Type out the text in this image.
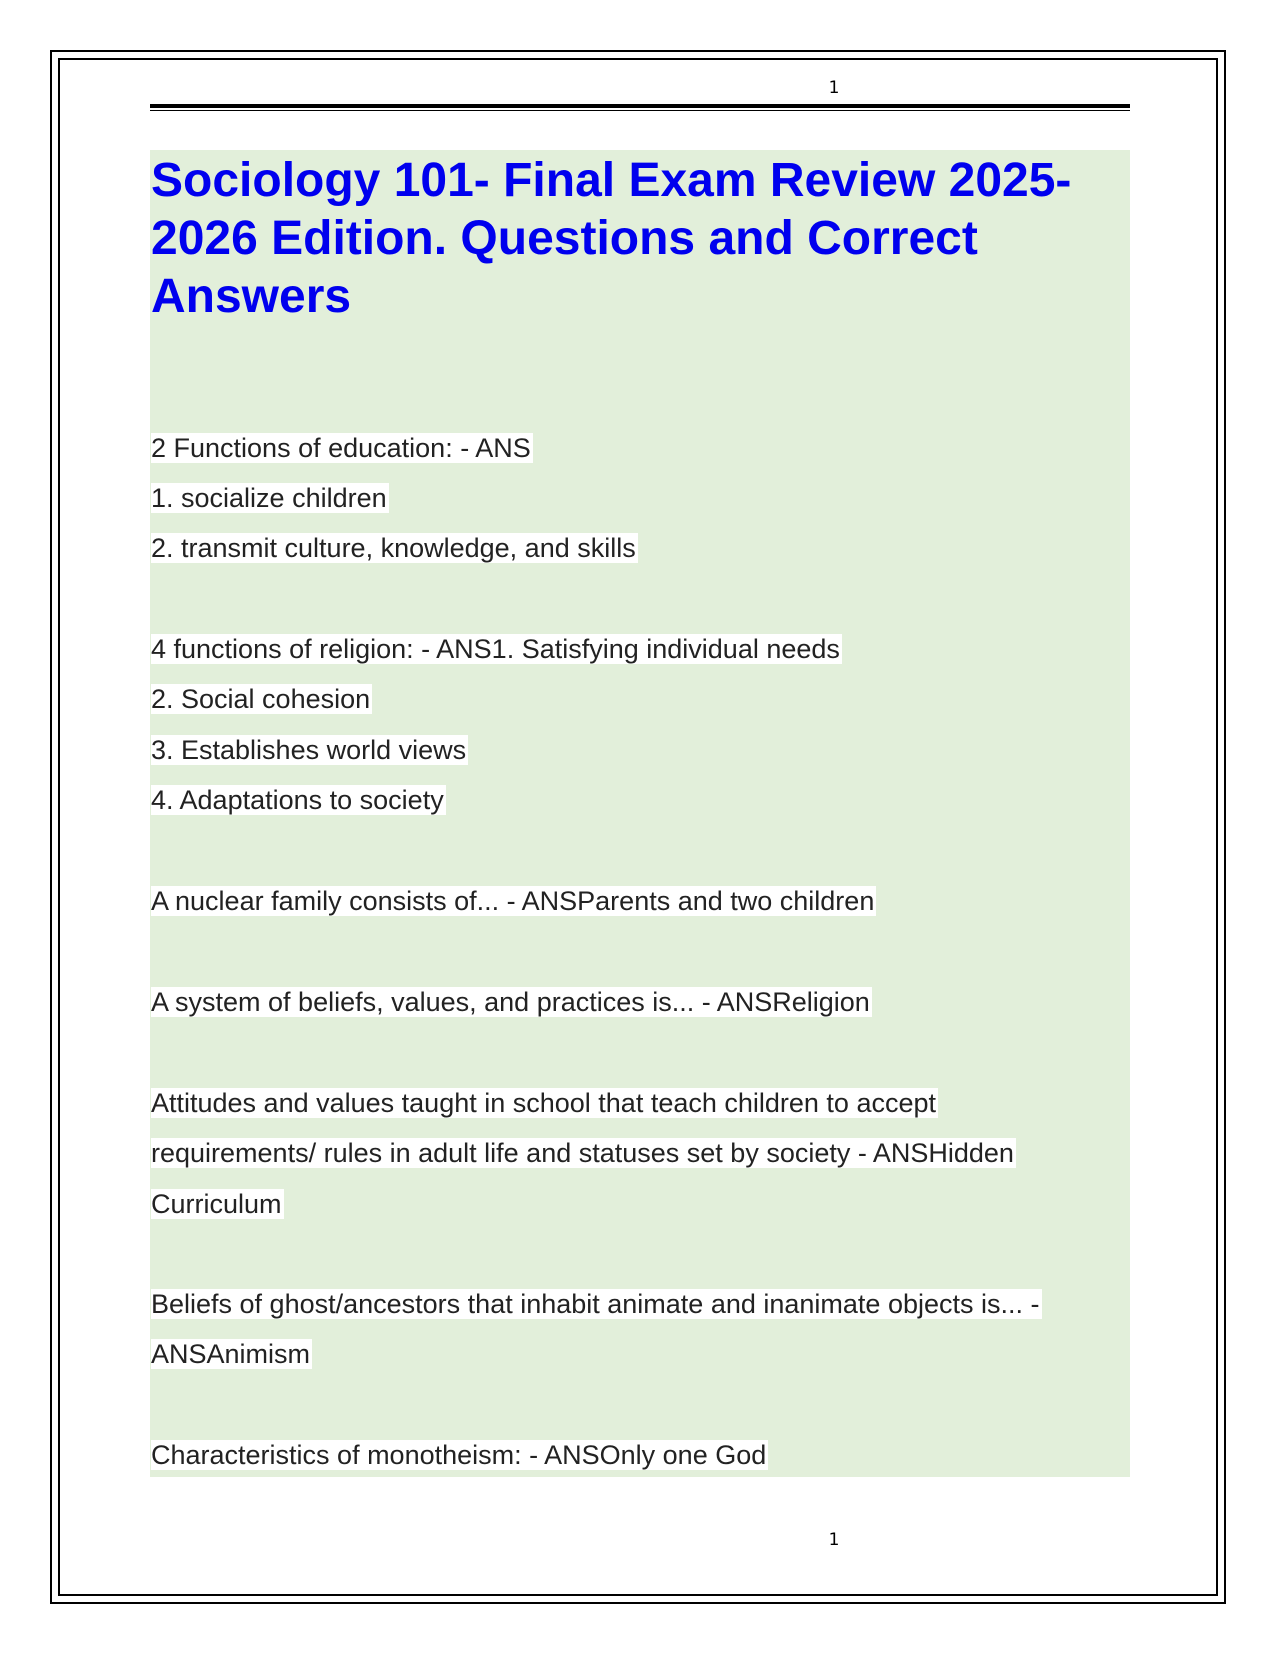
1
Sociology 101- Final Exam Review 2025-2026 Edition. Questions and Correct Answers
2 Functions of education: - ANS
1. socialize children
2. transmit culture, knowledge, and skills
4 functions of religion: - ANS1. Satisfying individual needs
2. Social cohesion
3. Establishes world views
4. Adaptations to society
A nuclear family consists of... - ANSParents and two children
A system of beliefs, values, and practices is... - ANSReligion
Attitudes and values taught in school that teach children to accept
requirements/ rules in adult life and statuses set by society - ANSHidden
Curriculum
Beliefs of ghost/ancestors that inhabit animate and inanimate objects is... -
ANSAnimism
Characteristics of monotheism: - ANSOnly one God
1
